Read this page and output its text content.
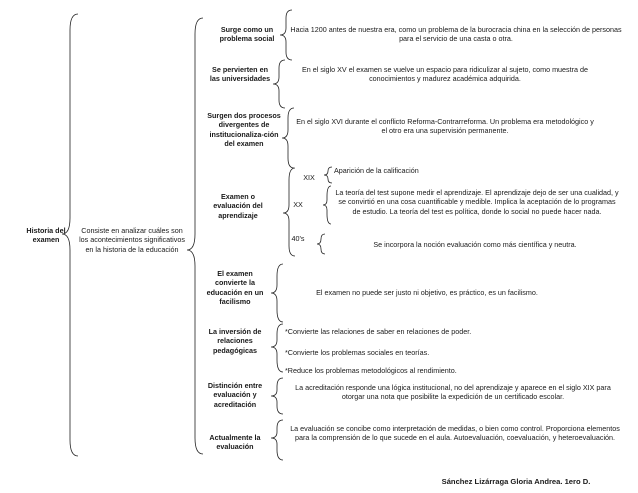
Historia del examen
Consiste en analizar cuáles son los acontecimientos significativos en la historia de la educación
Surge como un problema social
Hacia 1200 antes de nuestra era, como un problema de la burocracia china en la selección de personas para el servicio de una casta o otra.
Se pervierten en las universidades
En el siglo XV el examen se vuelve un espacio para ridiculizar al sujeto, como muestra de conocimientos y madurez académica adquirida.
Surgen dos procesos divergentes de institucionaliza-ción del examen
En el siglo XVI durante el conflicto Reforma-Contrarreforma. Un problema era metodológico y el otro era una supervisión permanente.
Examen o evaluación del aprendizaje
XIX
Aparición de la calificación
XX
La teoría del test supone medir el aprendizaje. El aprendizaje dejo de ser una cualidad, y se convirtió en una cosa cuantificable y medible. Implica la aceptación de lo programas de estudio. La teoría del test es política, donde lo social no puede hacer nada.
40's
Se incorpora la noción evaluación como más científica y neutra.
El examen convierte la educación en un facilismo
El examen no puede ser justo ni objetivo, es práctico, es un facilismo.
La inversión de relaciones pedagógicas
*Convierte las relaciones de saber en relaciones de poder.
*Convierte los problemas sociales en teorías.
*Reduce los problemas metodológicos al rendimiento.
Distinción entre evaluación y acreditación
La acreditación responde una lógica institucional, no del aprendizaje y aparece en el siglo XIX para otorgar una nota que posibilite la expedición de un certificado escolar.
Actualmente la evaluación
La evaluación se concibe como interpretación de medidas, o bien como control. Proporciona elementos para la comprensión de lo que sucede en el aula. Autoevaluación, coevaluación, y heteroevaluación.
Sánchez Lizárraga Gloria Andrea. 1ero D.
